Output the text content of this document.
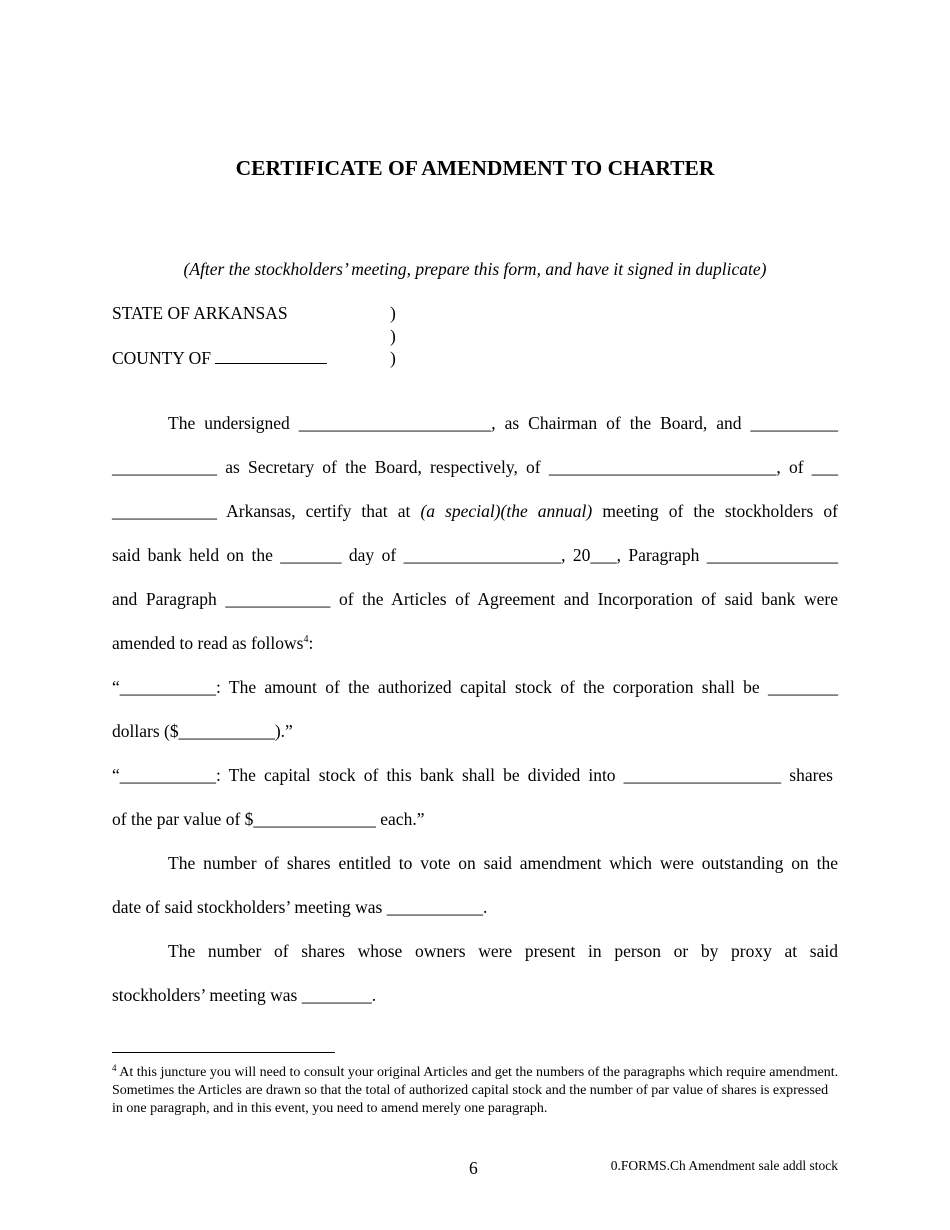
CERTIFICATE OF AMENDMENT TO CHARTER
(After the stockholders’ meeting, prepare this form, and have it signed in duplicate)
STATE OF ARKANSAS	)
)
COUNTY OF	)
The undersigned ______________________, as Chairman of the Board, and __________
____________ as Secretary of the Board, respectively, of __________________________, of ___
____________ Arkansas, certify that at (a special)(the annual) meeting of the stockholders of
said bank held on the _______ day of __________________, 20___, Paragraph _______________
and Paragraph ____________ of the Articles of Agreement and Incorporation of said bank were
amended to read as follows$^4$:
“___________: The amount of the authorized capital stock of the corporation shall be ________
dollars ($___________).”
“___________: The capital stock of this bank shall be divided into __________________ shares
of the par value of $______________ each.”
The number of shares entitled to vote on said amendment which were outstanding on the
date of said stockholders’ meeting was ___________.
The number of shares whose owners were present in person or by proxy at said
stockholders’ meeting was ________.
$^4$ At this juncture you will need to consult your original Articles and get the numbers of the paragraphs which require amendment. Sometimes the Articles are drawn so that the total of authorized capital stock and the number of par value of shares is expressed in one paragraph, and in this event, you need to amend merely one paragraph.
6	0.FORMS.Ch Amendment sale addl stock
